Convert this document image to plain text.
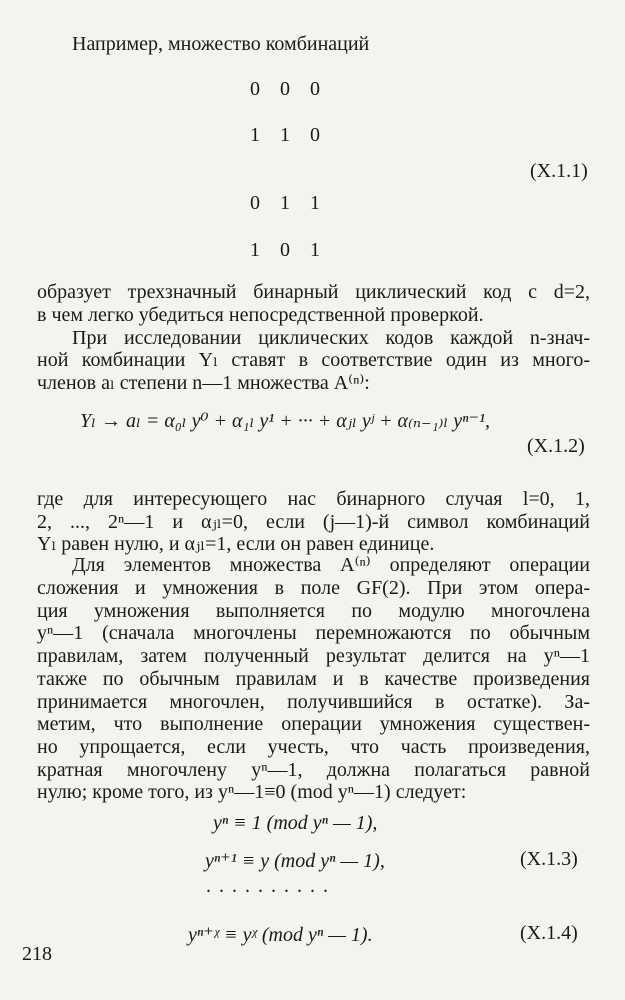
Например, множество комбинаций
0 0 0
1 1 0
0 1 1
1 0 1
(X.1.1)
образует трехзначный бинарный циклический код с d=2,
в чем легко убедиться непосредственной проверкой.
При исследовании циклических кодов каждой n-знач-
ной комбинации Yₗ ставят в соответствие один из много-
членов aₗ степени n—1 множества A⁽ⁿ⁾:
Yₗ → aₗ = α₀ₗ y⁰ + α₁ₗ y¹ + ··· + αⱼₗ yʲ + α₍ₙ₋₁₎ₗ yⁿ⁻¹,
(X.1.2)
где для интересующего нас бинарного случая l=0, 1,
2, ..., 2ⁿ—1 и αⱼₗ=0, если (j—1)-й символ комбинаций
Yₗ равен нулю, и αⱼₗ=1, если он равен единице.
Для элементов множества A⁽ⁿ⁾ определяют операции
сложения и умножения в поле GF(2). При этом опера-
ция умножения выполняется по модулю многочлена
yⁿ—1 (сначала многочлены перемножаются по обычным
правилам, затем полученный результат делится на yⁿ—1
также по обычным правилам и в качестве произведения
принимается многочлен, получившийся в остатке). За-
метим, что выполнение операции умножения существен-
но упрощается, если учесть, что часть произведения,
кратная многочлену yⁿ—1, должна полагаться равной
нулю; кроме того, из yⁿ—1≡0 (mod yⁿ—1) следует:
yⁿ ≡ 1 (mod yⁿ — 1),
yⁿ⁺¹ ≡ y (mod yⁿ — 1),	(X.1.3)
..........
yⁿ⁺ᵡ ≡ yᵡ (mod yⁿ — 1).	(X.1.4)
218
